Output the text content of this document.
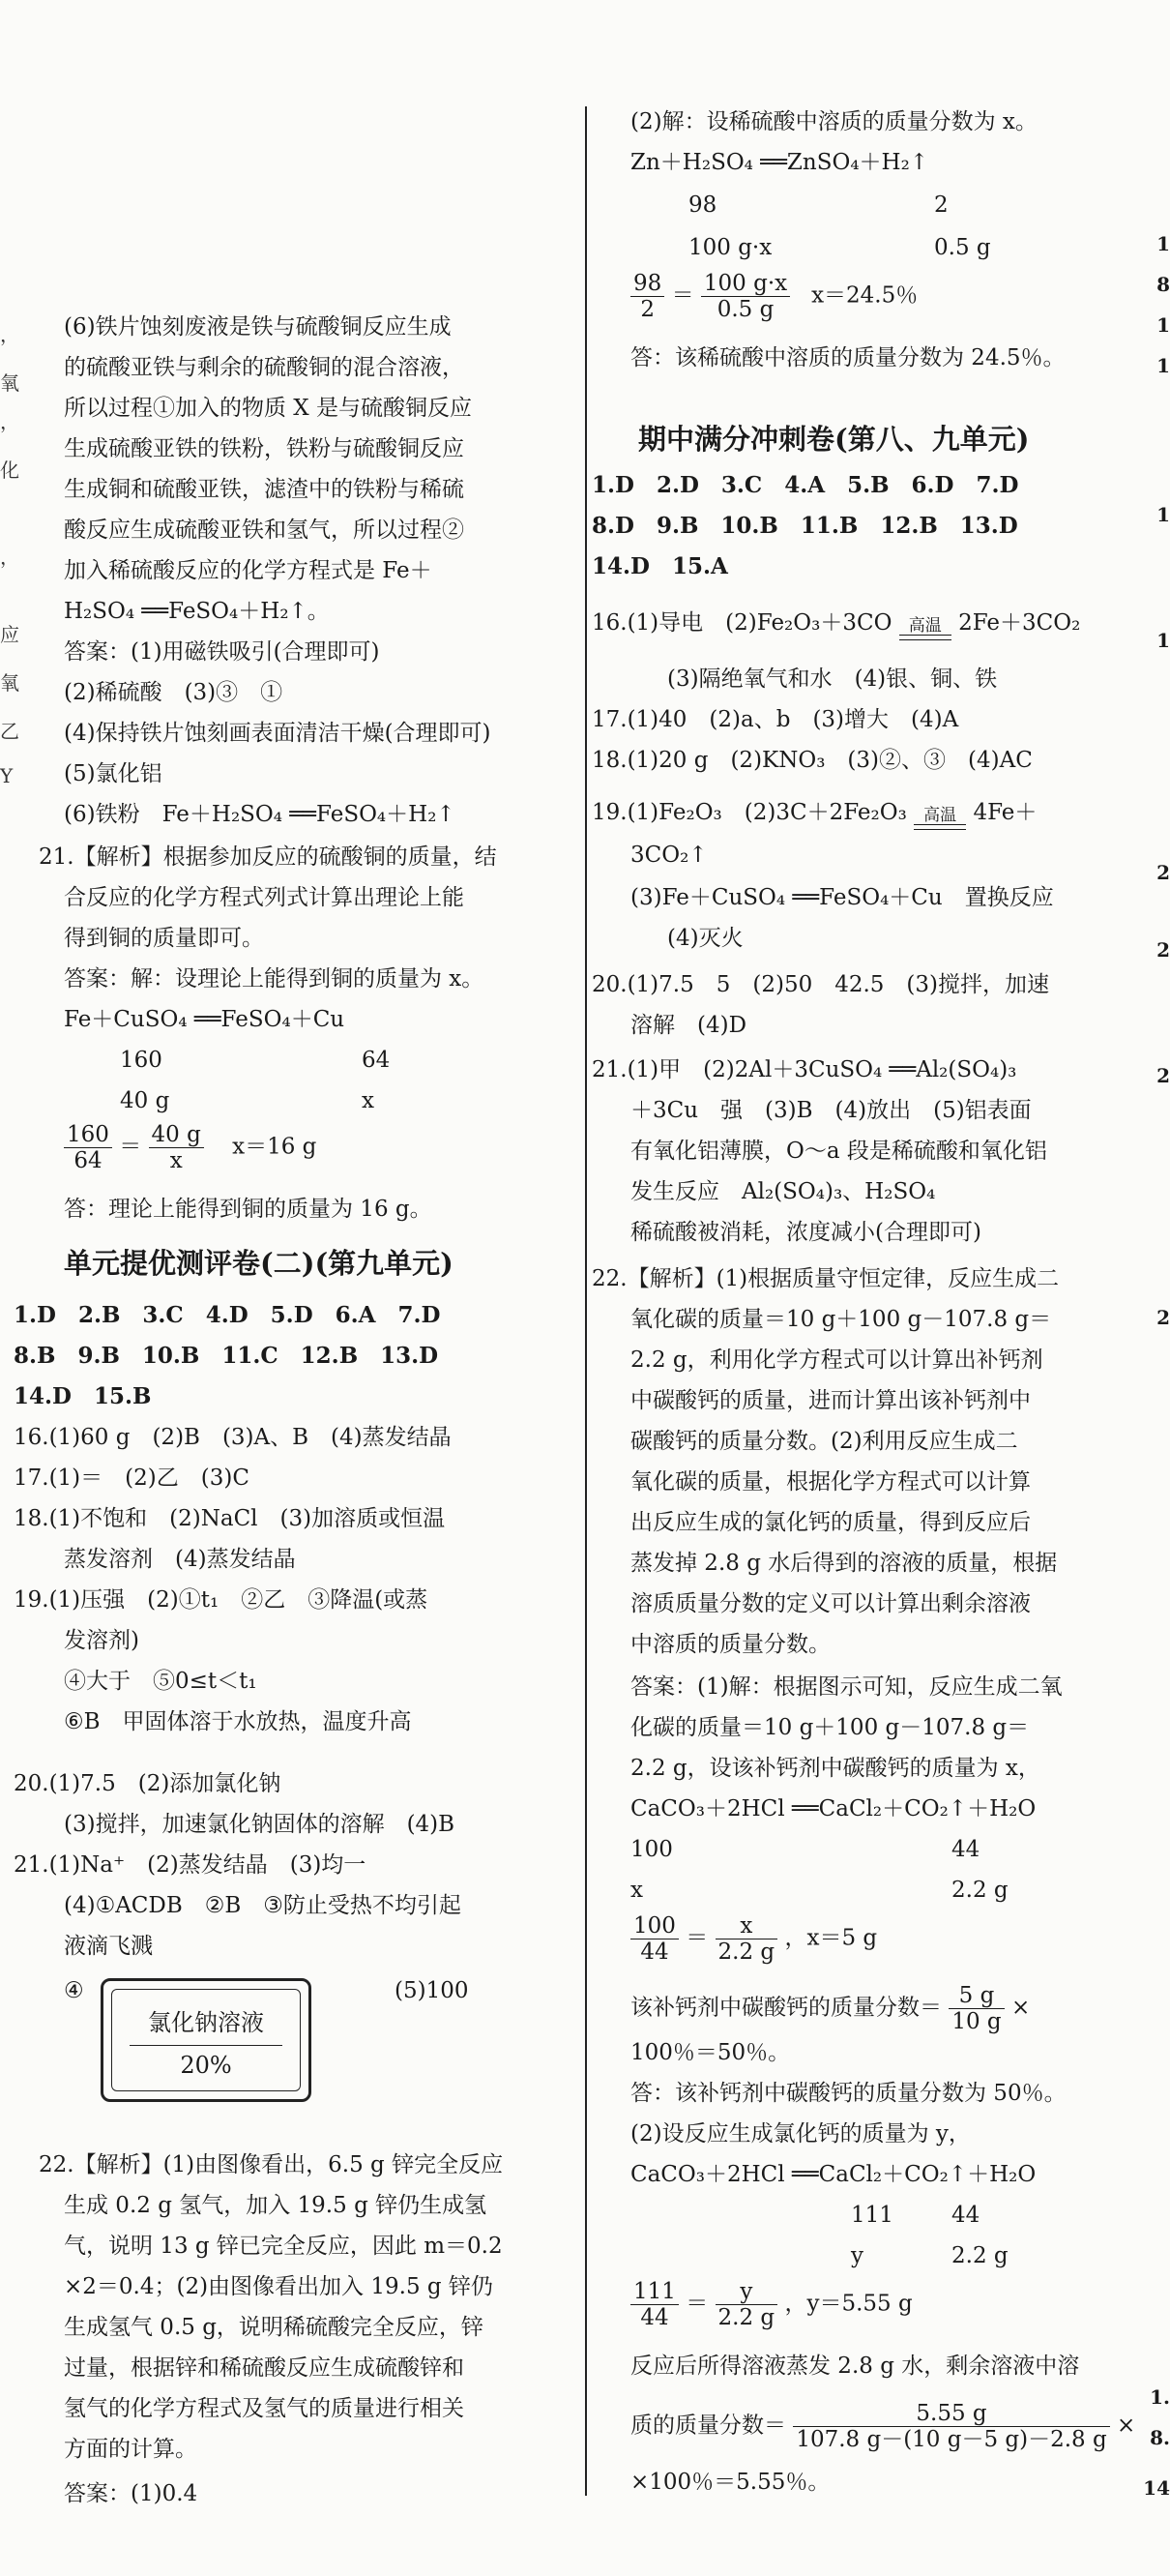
(6)铁片蚀刻废液是铁与硫酸铜反应生成
的硫酸亚铁与剩余的硫酸铜的混合溶液，
所以过程①加入的物质 X 是与硫酸铜反应
生成硫酸亚铁的铁粉，铁粉与硫酸铜反应
生成铜和硫酸亚铁，滤渣中的铁粉与稀硫
酸反应生成硫酸亚铁和氢气，所以过程②
加入稀硫酸反应的化学方程式是 Fe＋
H₂SO₄ ══FeSO₄＋H₂↑。
答案：(1)用磁铁吸引(合理即可)
(2)稀硫酸　(3)③　①
(4)保持铁片蚀刻画表面清洁干燥(合理即可)
(5)氯化铝
(6)铁粉　Fe＋H₂SO₄ ══FeSO₄＋H₂↑
21.【解析】根据参加反应的硫酸铜的质量，结
合反应的化学方程式列式计算出理论上能
得到铜的质量即可。
答案：解：设理论上能得到铜的质量为 x。
Fe＋CuSO₄ ══FeSO₄＋Cu
160	64
40 g	x
$\frac{160}{64} = \frac{40 g}{x} x=16$ g
答：理论上能得到铜的质量为 16 g。
单元提优测评卷(二)(第九单元)
1.D　2.B　3.C　4.D　5.D　6.A　7.D
8.B　9.B　10.B　11.C　12.B　13.D
14.D　15.B
16.(1)60 g　(2)B　(3)A、B　(4)蒸发结晶
17.(1)＝　(2)乙　(3)C
18.(1)不饱和　(2)NaCl　(3)加溶质或恒温
蒸发溶剂　(4)蒸发结晶
19.(1)压强　(2)①t₁　②乙　③降温(或蒸
发溶剂)
④大于　⑤0≤t＜t₁
⑥B　甲固体溶于水放热，温度升高
20.(1)7.5　(2)添加氯化钠
(3)搅拌，加速氯化钠固体的溶解　(4)B
21.(1)Na⁺　(2)蒸发结晶　(3)均一
(4)①ACDB　②B　③防止受热不均引起
液滴飞溅
④	(5)100
氯化钠溶液
20%
22.【解析】(1)由图像看出，6.5 g 锌完全反应
生成 0.2 g 氢气，加入 19.5 g 锌仍生成氢
气，说明 13 g 锌已完全反应，因此 m＝0.2
×2＝0.4；(2)由图像看出加入 19.5 g 锌仍
生成氢气 0.5 g，说明稀硫酸完全反应，锌
过量，根据锌和稀硫酸反应生成硫酸锌和
氢气的化学方程式及氢气的质量进行相关
方面的计算。
答案：(1)0.4
(2)解：设稀硫酸中溶质的质量分数为 x。
Zn＋H₂SO₄ ══ZnSO₄＋H₂↑
98	2
100 g·x	0.5 g
$\frac{98}{2} = \frac{100 g\cdot x}{0.5 g} x=24.5$％
答：该稀硫酸中溶质的质量分数为 24.5％。
期中满分冲刺卷(第八、九单元)
1.D　2.D　3.C　4.A　5.B　6.D　7.D
8.D　9.B　10.B　11.B　12.B　13.D
14.D　15.A
16.(1)导电　(2)Fe₂O₃＋3CO 高温 2Fe＋3CO₂
(3)隔绝氧气和水　(4)银、铜、铁
17.(1)40　(2)a、b　(3)增大　(4)A
18.(1)20 g　(2)KNO₃　(3)②、③　(4)AC
19.(1)Fe₂O₃　(2)3C＋2Fe₂O₃ 高温 4Fe＋
3CO₂↑
(3)Fe＋CuSO₄ ══FeSO₄＋Cu　置换反应
(4)灭火
20.(1)7.5　5　(2)50　42.5　(3)搅拌，加速
溶解　(4)D
21.(1)甲　(2)2Al＋3CuSO₄ ══Al₂(SO₄)₃
＋3Cu　强　(3)B　(4)放出　(5)铝表面
有氧化铝薄膜，O～a 段是稀硫酸和氧化铝
发生反应　Al₂(SO₄)₃、H₂SO₄
稀硫酸被消耗，浓度减小(合理即可)
22.【解析】(1)根据质量守恒定律，反应生成二
氧化碳的质量＝10 g＋100 g－107.8 g＝
2.2 g，利用化学方程式可以计算出补钙剂
中碳酸钙的质量，进而计算出该补钙剂中
碳酸钙的质量分数。(2)利用反应生成二
氧化碳的质量，根据化学方程式可以计算
出反应生成的氯化钙的质量，得到反应后
蒸发掉 2.8 g 水后得到的溶液的质量，根据
溶质质量分数的定义可以计算出剩余溶液
中溶质的质量分数。
答案：(1)解：根据图示可知，反应生成二氧
化碳的质量＝10 g＋100 g－107.8 g＝
2.2 g，设该补钙剂中碳酸钙的质量为 x，
CaCO₃＋2HCl ══CaCl₂＋CO₂↑＋H₂O
100	44
x	2.2 g
$\frac{100}{44} = \frac{x}{2.2 g}$ ，x＝5 g
该补钙剂中碳酸钙的质量分数＝ $\frac{5 g}{10 g}$ ×
100％＝50％。
答：该补钙剂中碳酸钙的质量分数为 50％。
(2)设反应生成氯化钙的质量为 y，
CaCO₃＋2HCl ══CaCl₂＋CO₂↑＋H₂O
111	44
y	2.2 g
$\frac{111}{44} = \frac{y}{2.2 g}$ ，y＝5.55 g
反应后所得溶液蒸发 2.8 g 水，剩余溶液中溶
质的质量分数＝ $\frac{5.55 g}{107.8 g-(10 g-5 g)-2.8 g}$ ×
×100％＝5.55％。
1
8
1
1
1
1
2
2
2
2
1.
8.
14
，
氧
，
化
，
应
氧
乙
Y
